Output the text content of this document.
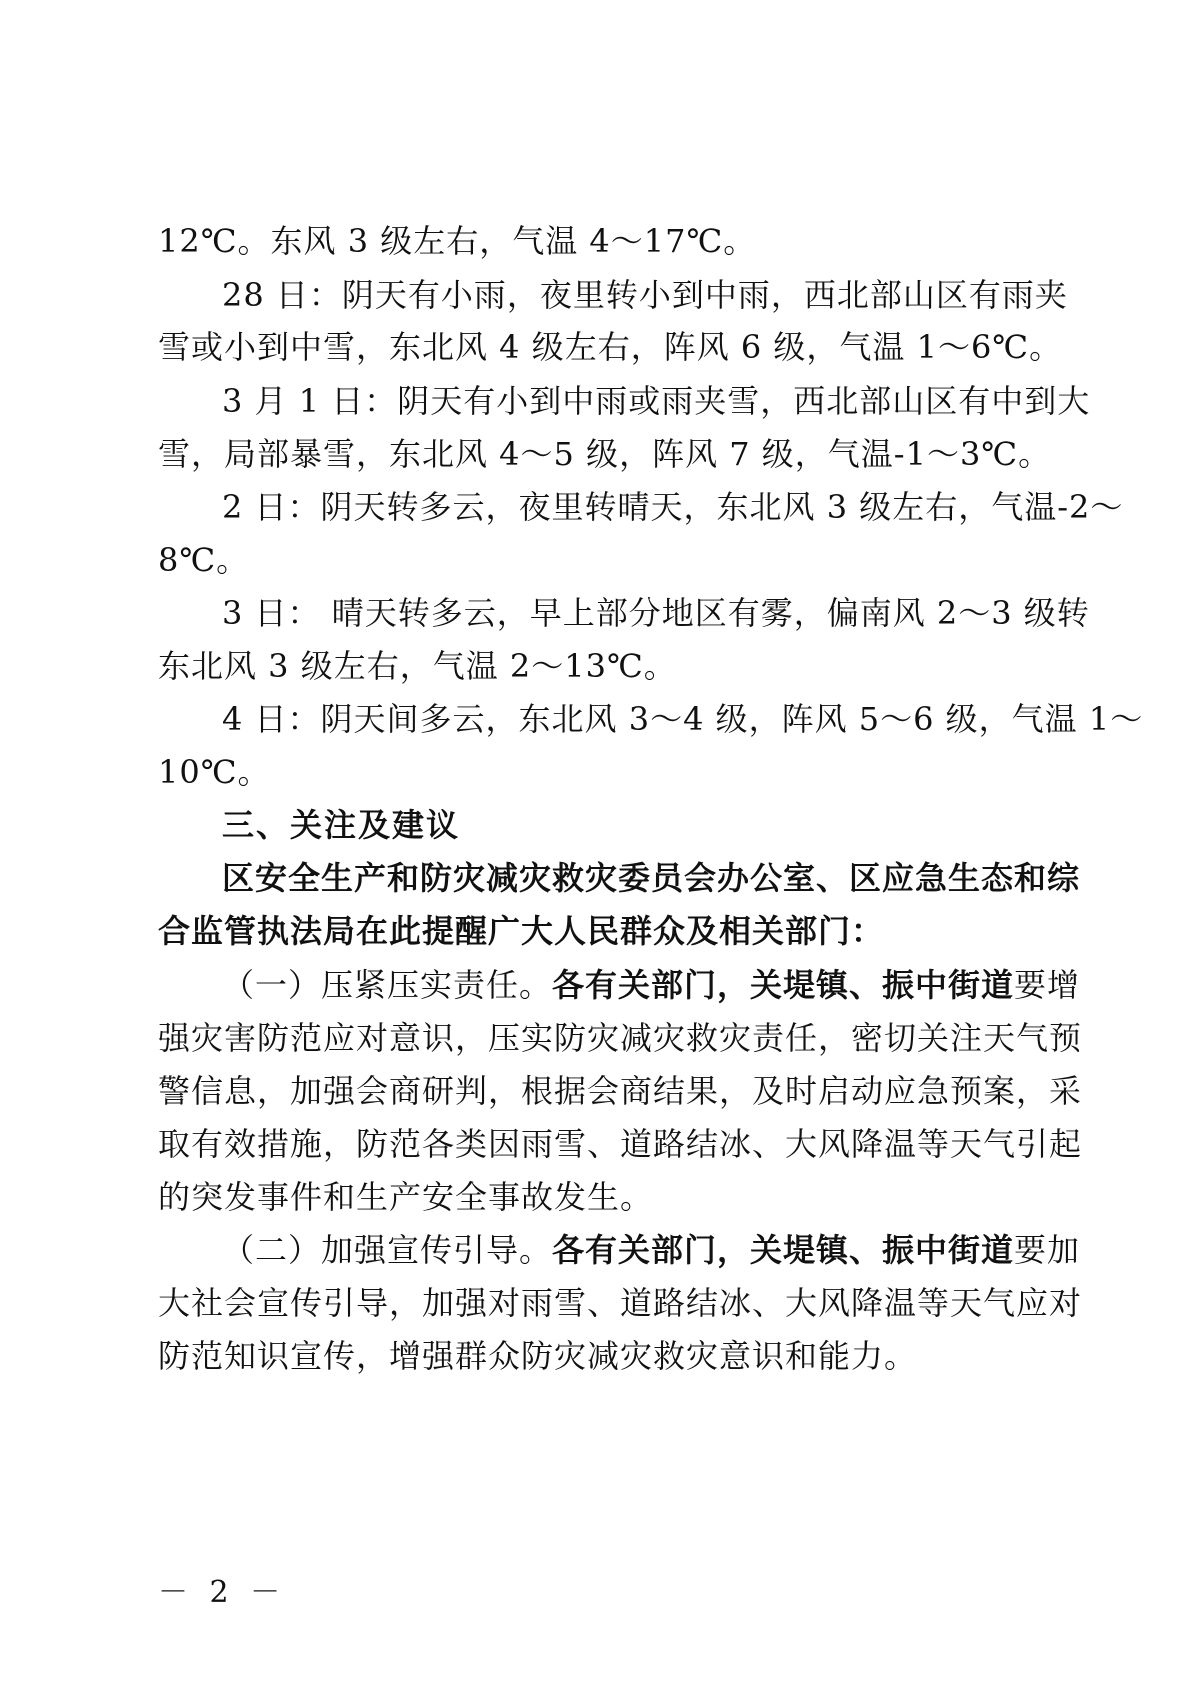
12℃。东风 3 级左右，气温 4～17℃。
28 日：阴天有小雨，夜里转小到中雨，西北部山区有雨夹
雪或小到中雪，东北风 4 级左右，阵风 6 级，气温 1～6℃。
3 月 1 日：阴天有小到中雨或雨夹雪，西北部山区有中到大
雪，局部暴雪，东北风 4～5 级，阵风 7 级，气温-1～3℃。
2 日：阴天转多云，夜里转晴天，东北风 3 级左右，气温-2～
8℃。
3 日： 晴天转多云，早上部分地区有雾，偏南风 2～3 级转
东北风 3 级左右，气温 2～13℃。
4 日：阴天间多云，东北风 3～4 级，阵风 5～6 级，气温 1～
10℃。
三、关注及建议
区安全生产和防灾减灾救灾委员会办公室、区应急生态和综
合监管执法局在此提醒广大人民群众及相关部门：
（一）压紧压实责任。各有关部门，关堤镇、振中街道要增
强灾害防范应对意识，压实防灾减灾救灾责任，密切关注天气预
警信息，加强会商研判，根据会商结果，及时启动应急预案，采
取有效措施，防范各类因雨雪、道路结冰、大风降温等天气引起
的突发事件和生产安全事故发生。
（二）加强宣传引导。各有关部门，关堤镇、振中街道要加
大社会宣传引导，加强对雨雪、道路结冰、大风降温等天气应对
防范知识宣传，增强群众防灾减灾救灾意识和能力。
－ 2 －
